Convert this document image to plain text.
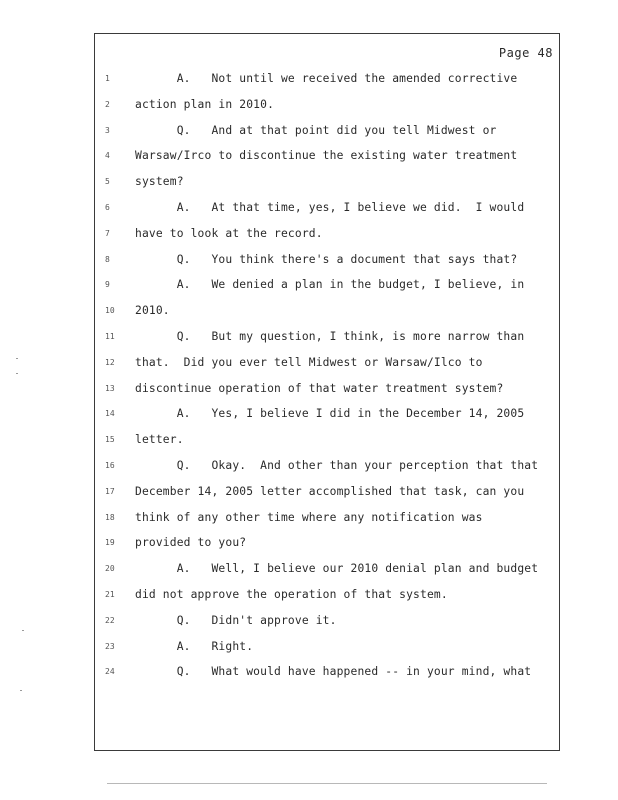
Page 48
1 A.   Not until we received the amended corrective
2 action plan in 2010.
3 Q.   And at that point did you tell Midwest or
4 Warsaw/Irco to discontinue the existing water treatment
5 system?
6 A.   At that time, yes, I believe we did.  I would
7 have to look at the record.
8 Q.   You think there's a document that says that?
9 A.   We denied a plan in the budget, I believe, in
10 2010.
11 Q.   But my question, I think, is more narrow than
12 that.  Did you ever tell Midwest or Warsaw/Ilco to
13 discontinue operation of that water treatment system?
14 A.   Yes, I believe I did in the December 14, 2005
15 letter.
16 Q.   Okay.  And other than your perception that that
17 December 14, 2005 letter accomplished that task, can you
18 think of any other time where any notification was
19 provided to you?
20 A.   Well, I believe our 2010 denial plan and budget
21 did not approve the operation of that system.
22 Q.   Didn't approve it.
23 A.   Right.
24 Q.   What would have happened -- in your mind, what
